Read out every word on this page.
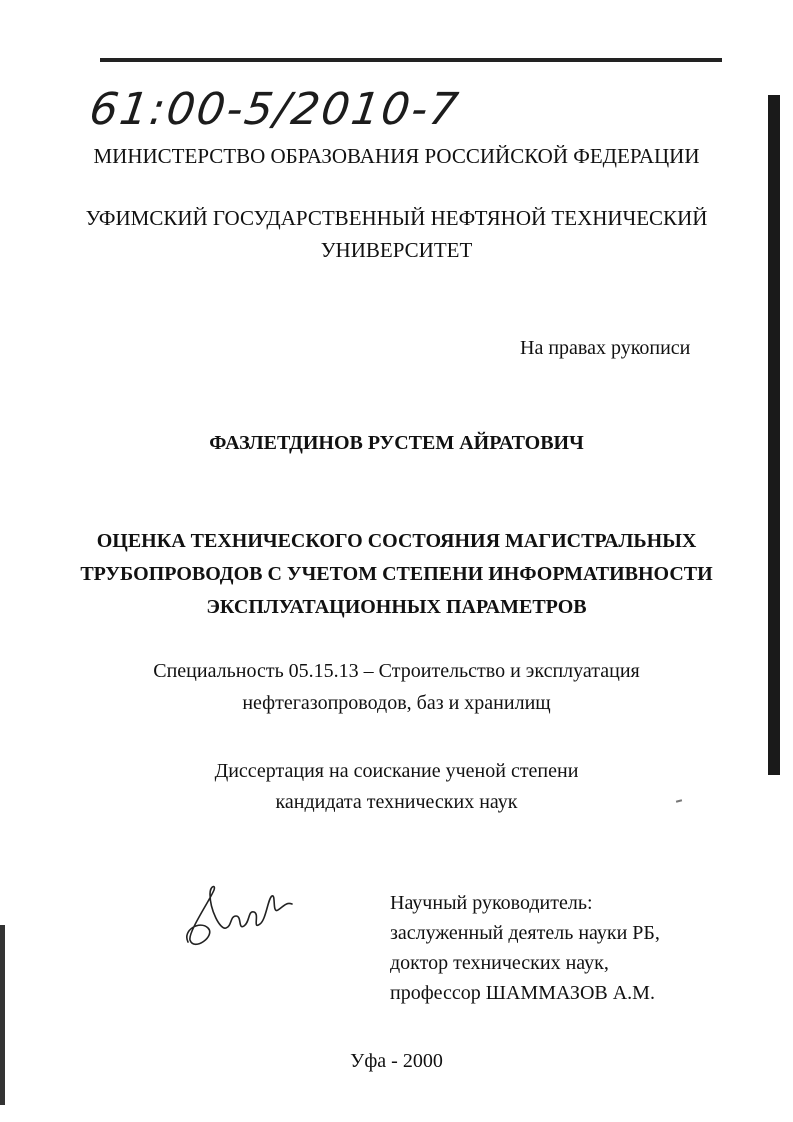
61:00-5/2010-7
МИНИСТЕРСТВО ОБРАЗОВАНИЯ РОССИЙСКОЙ ФЕДЕРАЦИИ
УФИМСКИЙ ГОСУДАРСТВЕННЫЙ НЕФТЯНОЙ ТЕХНИЧЕСКИЙ
УНИВЕРСИТЕТ
На правах рукописи
ФАЗЛЕТДИНОВ РУСТЕМ АЙРАТОВИЧ
ОЦЕНКА ТЕХНИЧЕСКОГО СОСТОЯНИЯ МАГИСТРАЛЬНЫХ
ТРУБОПРОВОДОВ С УЧЕТОМ СТЕПЕНИ ИНФОРМАТИВНОСТИ
ЭКСПЛУАТАЦИОННЫХ ПАРАМЕТРОВ
Специальность 05.15.13 – Строительство и эксплуатация
нефтегазопроводов, баз и хранилищ
Диссертация на соискание ученой степени
кандидата технических наук
Научный руководитель:
заслуженный деятель науки РБ,
доктор технических наук,
профессор ШАММАЗОВ А.М.
Уфа - 2000
